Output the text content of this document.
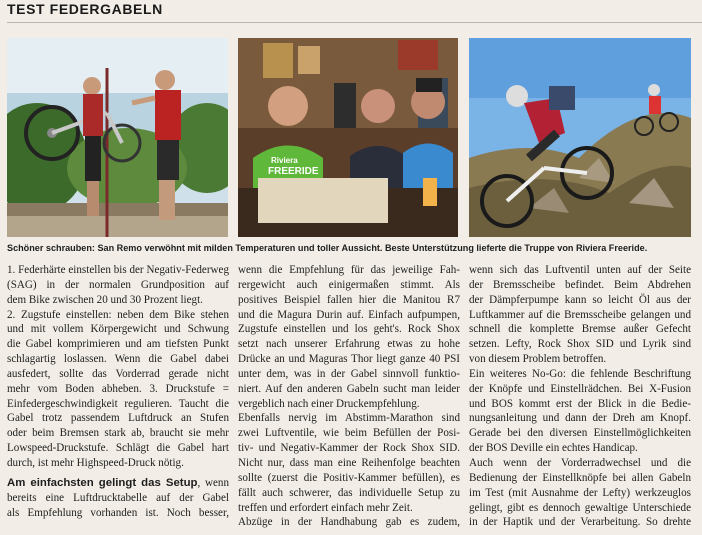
TEST FEDERGABELN
Riviera
FREERIDE
Schöner schrauben: San Remo verwöhnt mit milden Temperaturen und toller Aussicht. Beste Unterstützung lieferte die Truppe von Riviera Freeride.
1. Federhärte einstellen bis der Negativ-Federweg
(SAG) in der normalen Grundposition auf
dem Bike zwischen 20 und 30 Prozent liegt.
2. Zugstufe einstellen: neben dem Bike stehen
und mit vollem Körpergewicht und Schwung
die Gabel komprimieren und am tiefsten Punkt
schlagartig loslassen. Wenn die Gabel dabei
ausfedert, sollte das Vorderrad gerade nicht
mehr vom Boden abheben. 3. Druckstufe =
Einfedergeschwindigkeit regulieren. Taucht die
Gabel trotz passendem Luftdruck an Stufen
oder beim Bremsen stark ab, braucht sie mehr
Lowspeed-Druckstufe. Schlägt die Gabel hart
durch, ist mehr Highspeed-Druck nötig.
Am einfachsten gelingt das Setup, wenn
bereits eine Luftdrucktabelle auf der Gabel
als Empfehlung vorhanden ist. Noch besser,
wenn die Empfehlung für das jeweilige Fah-
rergewicht auch einigermaßen stimmt. Als
positives Beispiel fallen hier die Manitou R7
und die Magura Durin auf. Einfach aufpumpen,
Zugstufe einstellen und los geht's. Rock Shox
setzt nach unserer Erfahrung etwas zu hohe
Drücke an und Maguras Thor liegt ganze 40 PSI
unter dem, was in der Gabel sinnvoll funktio-
niert. Auf den anderen Gabeln sucht man leider
vergeblich nach einer Druckempfehlung.
Ebenfalls nervig im Abstimm-Marathon sind
zwei Luftventile, wie beim Befüllen der Posi-
tiv- und Negativ-Kammer der Rock Shox SID.
Nicht nur, dass man eine Reihenfolge beachten
sollte (zuerst die Positiv-Kammer befüllen), es
fällt auch schwerer, das individuelle Setup zu
treffen und erfordert einfach mehr Zeit.
Abzüge in der Handhabung gab es zudem,
wenn sich das Luftventil unten auf der Seite
der Bremsscheibe befindet. Beim Abdrehen
der Dämpferpumpe kann so leicht Öl aus der
Luftkammer auf die Bremsscheibe gelangen und
schnell die komplette Bremse außer Gefecht
setzen. Lefty, Rock Shox SID und Lyrik sind
von diesem Problem betroffen.
Ein weiteres No-Go: die fehlende Beschriftung
der Knöpfe und Einstellrädchen. Bei X-Fusion
und BOS kommt erst der Blick in die Bedie-
nungsanleitung und dann der Dreh am Knopf.
Gerade bei den diversen Einstellmöglichkeiten
der BOS Deville ein echtes Handicap.
Auch wenn der Vorderradwechsel und die
Bedienung der Einstellknöpfe bei allen Gabeln
im Test (mit Ausnahme der Lefty) werkzeuglos
gelingt, gibt es dennoch gewaltige Unterschiede
in der Haptik und der Verarbeitung. So drehte
